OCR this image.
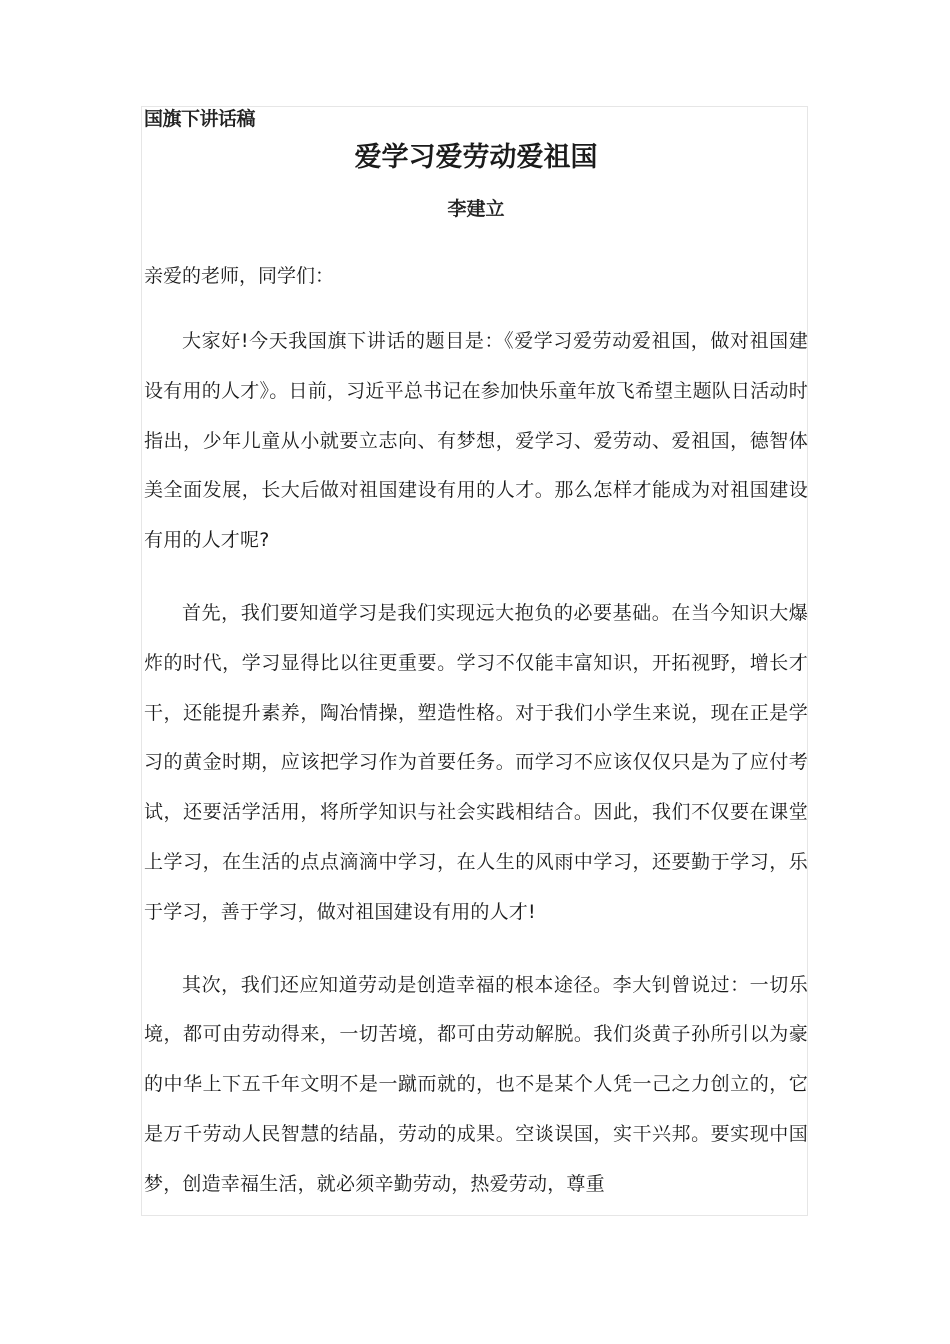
国旗下讲话稿

爱学习爱劳动爱祖国

李建立

亲爱的老师，同学们：

大家好!今天我国旗下讲话的题目是：《爱学习爱劳动爱祖国，做对祖国建设有用的人才》。日前，习近平总书记在参加快乐童年放飞希望主题队日活动时指出，少年儿童从小就要立志向、有梦想，爱学习、爱劳动、爱祖国，德智体美全面发展，长大后做对祖国建设有用的人才。那么怎样才能成为对祖国建设有用的人才呢?

首先，我们要知道学习是我们实现远大抱负的必要基础。在当今知识大爆炸的时代，学习显得比以往更重要。学习不仅能丰富知识，开拓视野，增长才干，还能提升素养，陶冶情操，塑造性格。对于我们小学生来说，现在正是学习的黄金时期，应该把学习作为首要任务。而学习不应该仅仅只是为了应付考试，还要活学活用，将所学知识与社会实践相结合。因此，我们不仅要在课堂上学习，在生活的点点滴滴中学习，在人生的风雨中学习，还要勤于学习，乐于学习，善于学习，做对祖国建设有用的人才!

其次，我们还应知道劳动是创造幸福的根本途径。李大钊曾说过：一切乐境，都可由劳动得来，一切苦境，都可由劳动解脱。我们炎黄子孙所引以为豪的中华上下五千年文明不是一蹴而就的，也不是某个人凭一己之力创立的，它是万千劳动人民智慧的结晶，劳动的成果。空谈误国，实干兴邦。要实现中国梦，创造幸福生活，就必须辛勤劳动，热爱劳动，尊重
